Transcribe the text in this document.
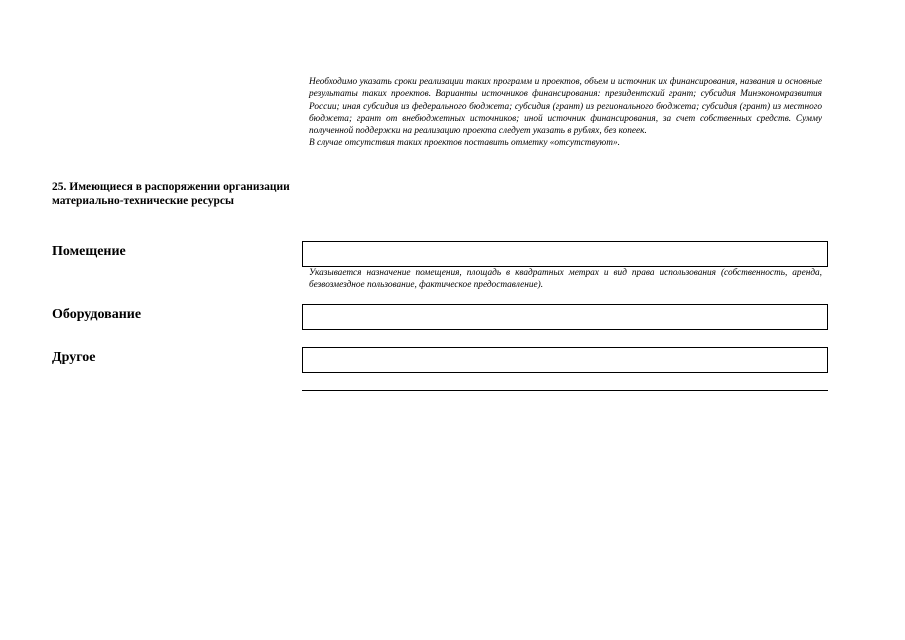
Необходимо указать сроки реализации таких программ и проектов, объем и источник их финансирования, названия и основные результаты таких проектов. Варианты источников финансирования: президентский грант; субсидия Минэкономразвития России; иная субсидия из федерального бюджета; субсидия (грант) из регионального бюджета; субсидия (грант) из местного бюджета; грант от внебюджетных источников; иной источник финансирования, за счет собственных средств. Сумму полученной поддержки на реализацию проекта следует указать в рублях, без копеек.

В случае отсутствия таких проектов поставить отметку «отсутствуют».

25. Имеющиеся в распоряжении организации материально-технические ресурсы
Помещение
Указывается назначение помещения, площадь в квадратных метрах и вид права использования (собственность, аренда, безвозмездное пользование, фактическое предоставление).
Оборудование
Другое
